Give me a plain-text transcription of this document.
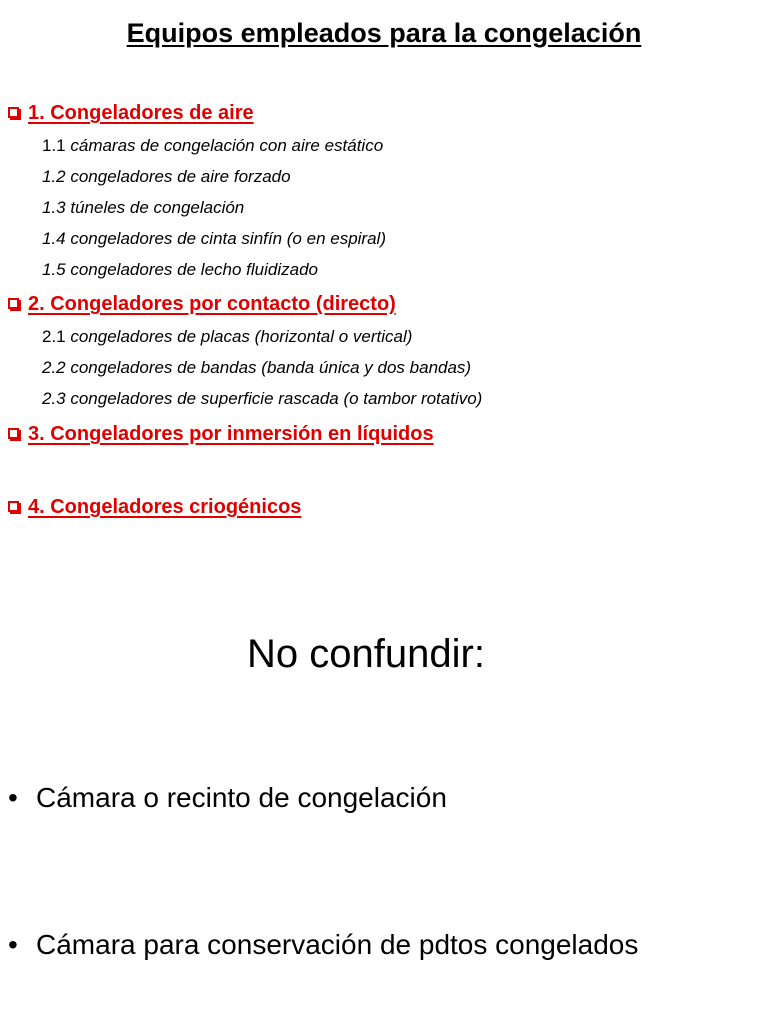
Equipos empleados para la congelación
1. Congeladores de aire
1.1 cámaras de congelación con aire estático
1.2 congeladores de aire forzado
1.3 túneles de congelación
1.4 congeladores de cinta sinfín (o en espiral)
1.5 congeladores de lecho fluidizado
2. Congeladores por contacto (directo)
2.1 congeladores de placas (horizontal o vertical)
2.2 congeladores de bandas (banda única y dos bandas)
2.3 congeladores de superficie rascada (o tambor rotativo)
3. Congeladores por inmersión en líquidos
4. Congeladores criogénicos
No confundir:
• Cámara o recinto de congelación
• Cámara para conservación de pdtos congelados
